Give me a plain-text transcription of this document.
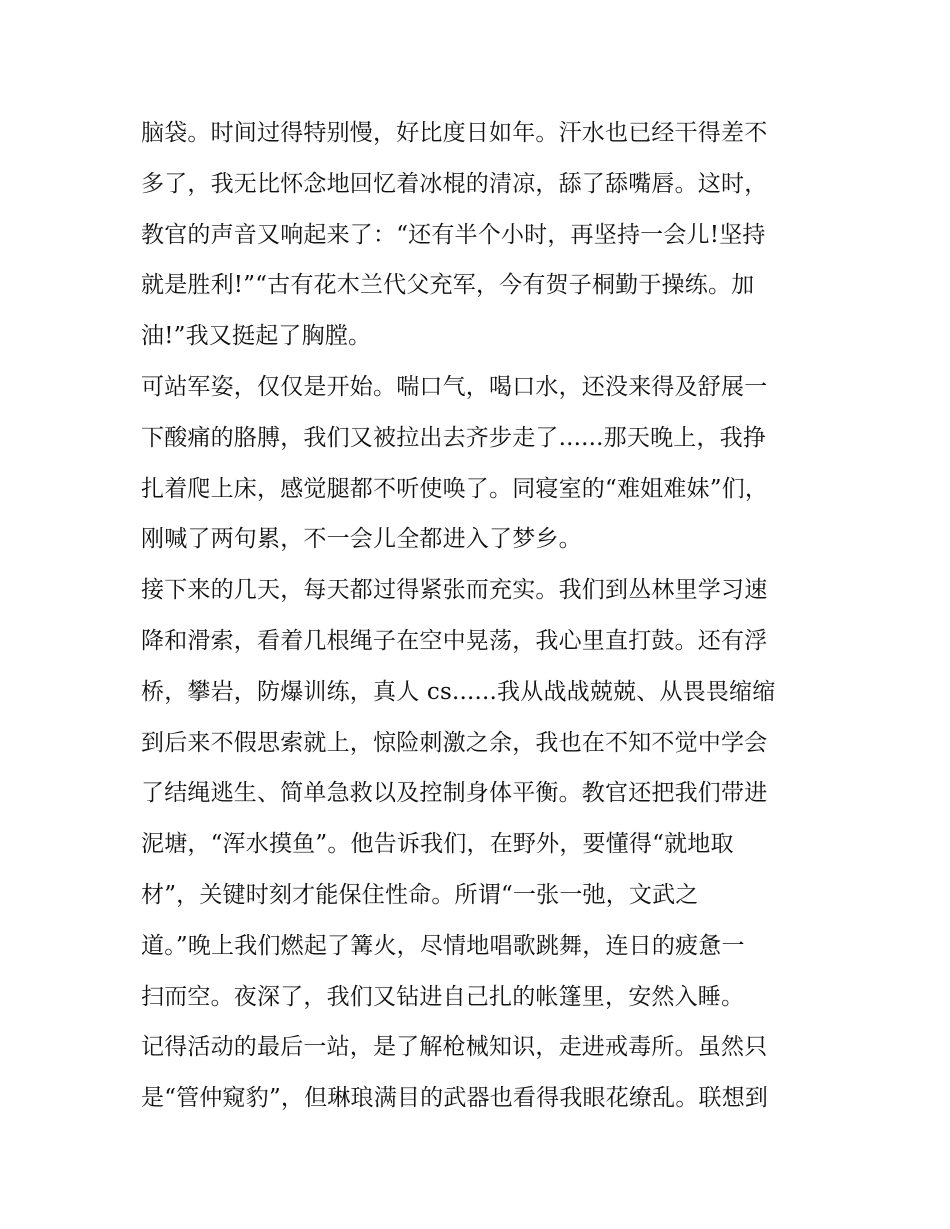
脑袋。时间过得特别慢，好比度日如年。汗水也已经干得差不
多了，我无比怀念地回忆着冰棍的清凉，舔了舔嘴唇。这时，
教官的声音又响起来了：“还有半个小时，再坚持一会儿!坚持
就是胜利!”“古有花木兰代父充军，今有贺子桐勤于操练。加
油!”我又挺起了胸膛。
可站军姿，仅仅是开始。喘口气，喝口水，还没来得及舒展一
下酸痛的胳膊，我们又被拉出去齐步走了......那天晚上，我挣
扎着爬上床，感觉腿都不听使唤了。同寝室的“难姐难妹”们，
刚喊了两句累，不一会儿全都进入了梦乡。
接下来的几天，每天都过得紧张而充实。我们到丛林里学习速
降和滑索，看着几根绳子在空中晃荡，我心里直打鼓。还有浮
桥，攀岩，防爆训练，真人 cs......我从战战兢兢、从畏畏缩缩
到后来不假思索就上，惊险刺激之余，我也在不知不觉中学会
了结绳逃生、简单急救以及控制身体平衡。教官还把我们带进
泥塘，“浑水摸鱼”。他告诉我们，在野外，要懂得“就地取
材”，关键时刻才能保住性命。所谓“一张一弛，文武之
道。”晚上我们燃起了篝火，尽情地唱歌跳舞，连日的疲惫一
扫而空。夜深了，我们又钻进自己扎的帐篷里，安然入睡。
记得活动的最后一站，是了解枪械知识，走进戒毒所。虽然只
是“管仲窥豹”，但琳琅满目的武器也看得我眼花缭乱。联想到
